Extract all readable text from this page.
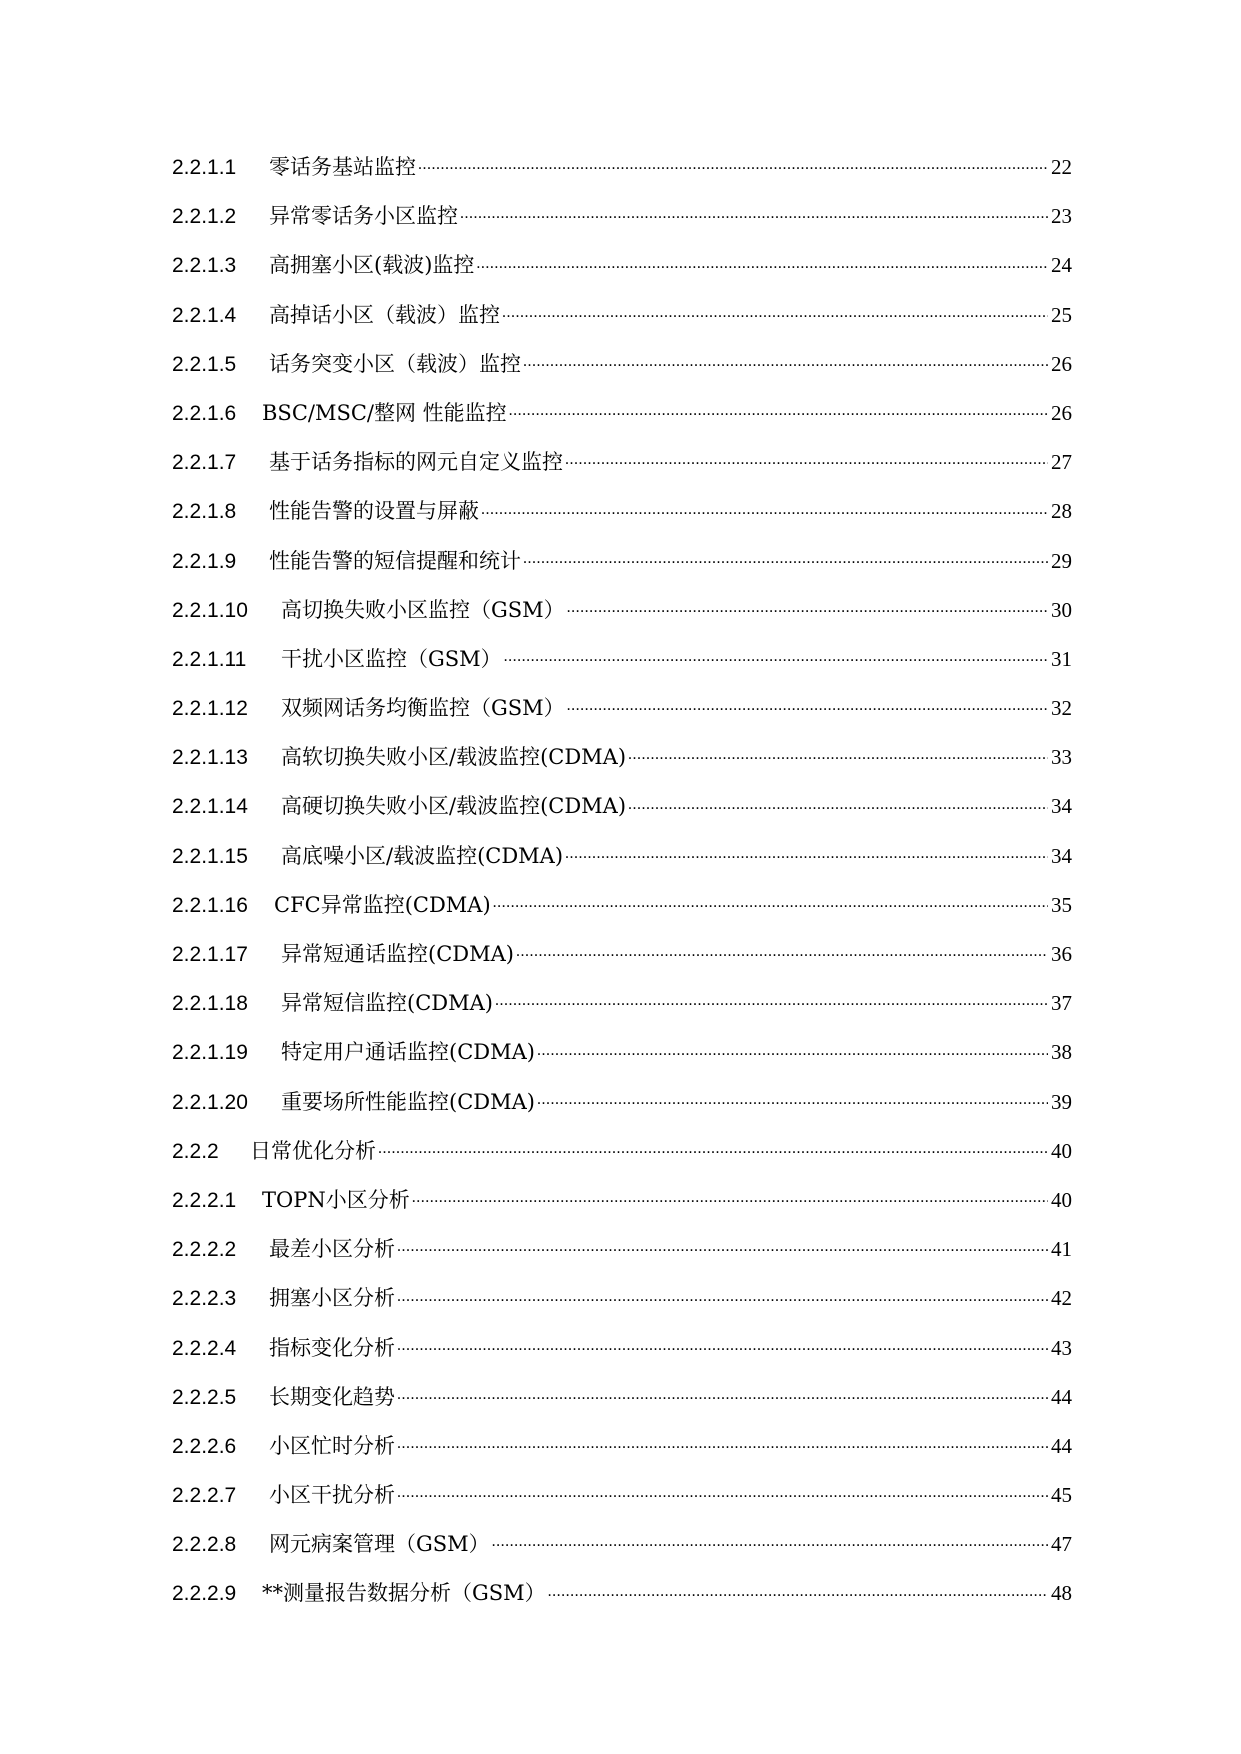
2.2.1.1	零话务基站监控 .....	22
2.2.1.2	异常零话务小区监控 .....	23
2.2.1.3	高拥塞小区(载波)监控 .....	24
2.2.1.4	高掉话小区（载波）监控 .....	25
2.2.1.5	话务突变小区（载波）监控 .....	26
2.2.1.6	BSC/MSC/整网 性能监控 .....	26
2.2.1.7	基于话务指标的网元自定义监控 .....	27
2.2.1.8	性能告警的设置与屏蔽 .....	28
2.2.1.9	性能告警的短信提醒和统计 .....	29
2.2.1.10	高切换失败小区监控（GSM） .....	30
2.2.1.11	干扰小区监控（GSM） .....	31
2.2.1.12	双频网话务均衡监控（GSM） .....	32
2.2.1.13	高软切换失败小区/载波监控(CDMA) .....	33
2.2.1.14	高硬切换失败小区/载波监控(CDMA) .....	34
2.2.1.15	高底噪小区/载波监控(CDMA) .....	34
2.2.1.16	CFC异常监控(CDMA) .....	35
2.2.1.17	异常短通话监控(CDMA) .....	36
2.2.1.18	异常短信监控(CDMA) .....	37
2.2.1.19	特定用户通话监控(CDMA) .....	38
2.2.1.20	重要场所性能监控(CDMA) .....	39
2.2.2	日常优化分析 .....	40
2.2.2.1	TOPN小区分析 .....	40
2.2.2.2	最差小区分析 .....	41
2.2.2.3	拥塞小区分析 .....	42
2.2.2.4	指标变化分析 .....	43
2.2.2.5	长期变化趋势 .....	44
2.2.2.6	小区忙时分析 .....	44
2.2.2.7	小区干扰分析 .....	45
2.2.2.8	网元病案管理（GSM） .....	47
2.2.2.9	**测量报告数据分析（GSM） .....	48
